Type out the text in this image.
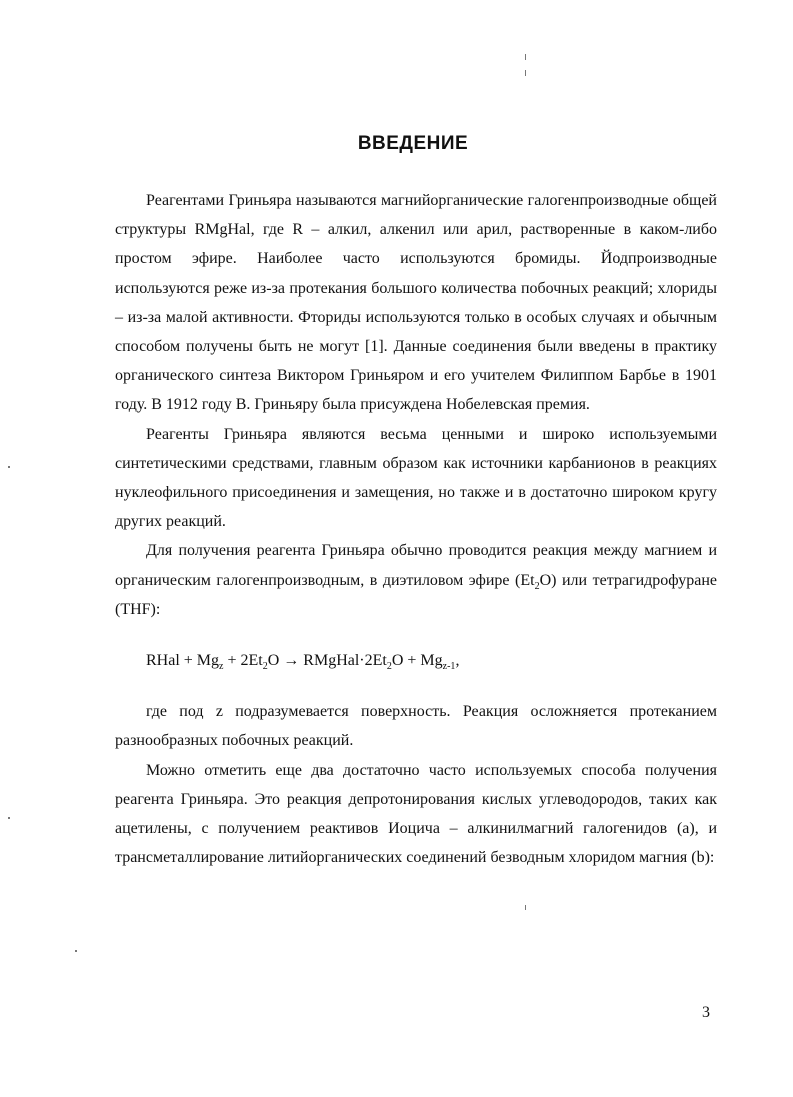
ВВЕДЕНИЕ

Реагентами Гриньяра называются магнийорганические галогенпроизводные общей структуры RMgHal, где R – алкил, алкенил или арил, растворенные в каком-либо простом эфире. Наиболее часто используются бромиды. Йодпроизводные используются реже из-за протекания большого количества побочных реакций; хлориды – из-за малой активности. Фториды используются только в особых случаях и обычным способом получены быть не могут [1]. Данные соединения были введены в практику органического синтеза Виктором Гриньяром и его учителем Филиппом Барбье в 1901 году. В 1912 году В. Гриньяру была присуждена Нобелевская премия.

Реагенты Гриньяра являются весьма ценными и широко используемыми синтетическими средствами, главным образом как источники карбанионов в реакциях нуклеофильного присоединения и замещения, но также и в достаточно широком кругу других реакций.

Для получения реагента Гриньяра обычно проводится реакция между магнием и органическим галогенпроизводным, в диэтиловом эфире $(Et_2O)$ или тетрагидрофуране (THF):

RHal + $Mg_z + 2Et_2O$ → $RMgHal\cdot 2Et_2O + Mg_{z-1}$,

где под z подразумевается поверхность. Реакция осложняется протеканием разнообразных побочных реакций.

Можно отметить еще два достаточно часто используемых способа получения реагента Гриньяра. Это реакция депротонирования кислых углеводородов, таких как ацетилены, с получением реактивов Иоцича – алкинилмагний галогенидов (a), и трансметаллирование литийорганических соединений безводным хлоридом магния (b):

3
